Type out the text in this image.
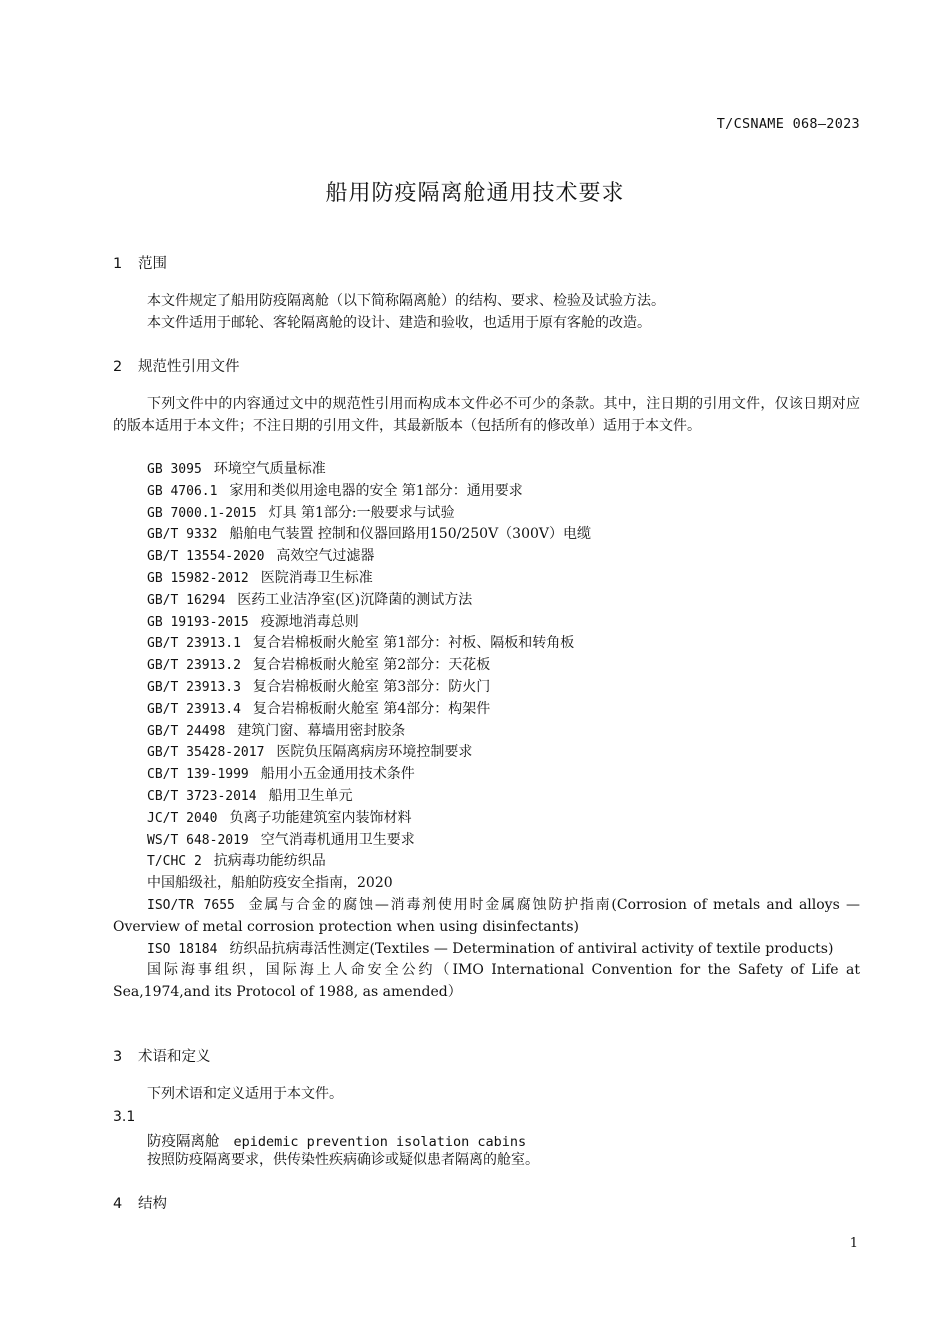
T/CSNAME 068—2023
船用防疫隔离舱通用技术要求
1 范围

本文件规定了船用防疫隔离舱（以下简称隔离舱）的结构、要求、检验及试验方法。

本文件适用于邮轮、客轮隔离舱的设计、建造和验收，也适用于原有客舱的改造。

2 规范性引用文件

下列文件中的内容通过文中的规范性引用而构成本文件必不可少的条款。其中，注日期的引用文件，仅该日期对应的版本适用于本文件；不注日期的引用文件，其最新版本（包括所有的修改单）适用于本文件。

GB 3095 环境空气质量标准
GB 4706.1 家用和类似用途电器的安全 第1部分：通用要求
GB 7000.1-2015 灯具 第1部分:一般要求与试验
GB/T 9332 船舶电气装置 控制和仪器回路用150/250V（300V）电缆
GB/T 13554-2020 高效空气过滤器
GB 15982-2012 医院消毒卫生标准
GB/T 16294 医药工业洁净室(区)沉降菌的测试方法
GB 19193-2015 疫源地消毒总则
GB/T 23913.1 复合岩棉板耐火舱室 第1部分：衬板、隔板和转角板
GB/T 23913.2 复合岩棉板耐火舱室 第2部分：天花板
GB/T 23913.3 复合岩棉板耐火舱室 第3部分：防火门
GB/T 23913.4 复合岩棉板耐火舱室 第4部分：构架件
GB/T 24498 建筑门窗、幕墙用密封胶条
GB/T 35428-2017 医院负压隔离病房环境控制要求
CB/T 139-1999 船用小五金通用技术条件
CB/T 3723-2014 船用卫生单元
JC/T 2040 负离子功能建筑室内装饰材料
WS/T 648-2019 空气消毒机通用卫生要求
T/CHC 2 抗病毒功能纺织品
中国船级社，船舶防疫安全指南，2020
ISO/TR 7655 金属与合金的腐蚀—消毒剂使用时金属腐蚀防护指南(Corrosion of metals and alloys — Overview of metal corrosion protection when using disinfectants)
ISO 18184 纺织品抗病毒活性测定(Textiles — Determination of antiviral activity of textile products)
国际海事组织，国际海上人命安全公约（IMO International Convention for the Safety of Life at Sea,1974,and its Protocol of 1988, as amended）
3 术语和定义

下列术语和定义适用于本文件。

3.1
防疫隔离舱 epidemic prevention isolation cabins

按照防疫隔离要求，供传染性疾病确诊或疑似患者隔离的舱室。

4 结构
1
